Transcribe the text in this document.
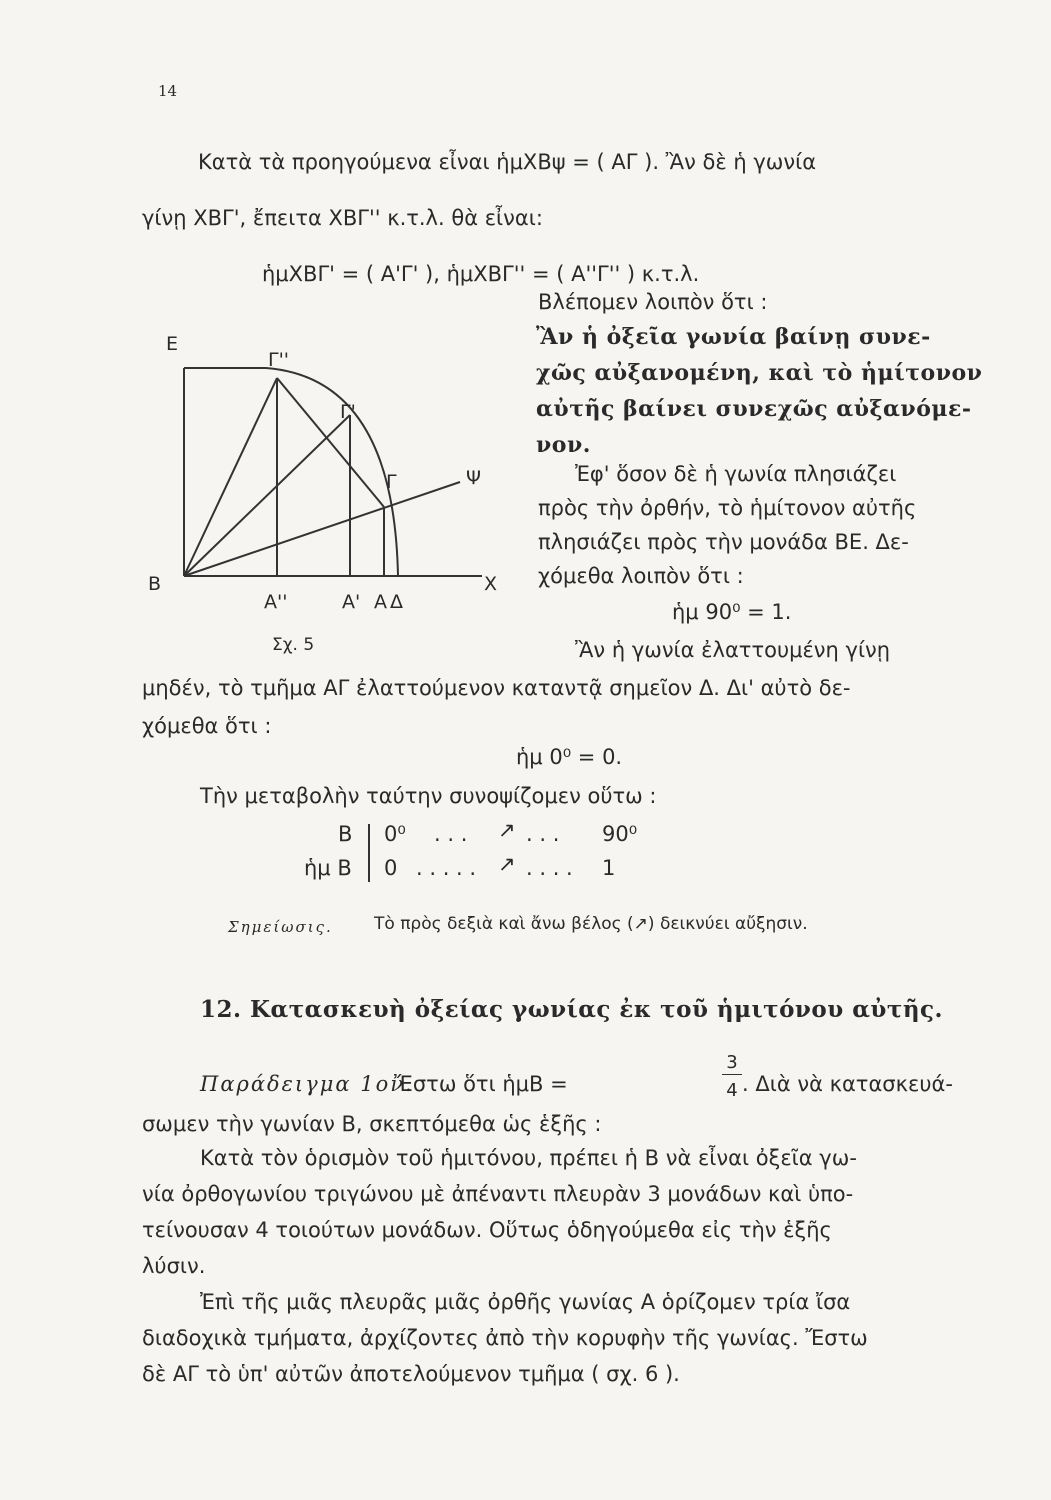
14
Κατὰ τὰ προηγούμενα εἶναι ἡμΧΒψ = ( ΑΓ ). Ἂν δὲ ἡ γωνία
γίνῃ ΧΒΓ', ἔπειτα ΧΒΓ'' κ.τ.λ. θὰ εἶναι:
ἡμΧΒΓ' = ( Α'Γ' ), ἡμΧΒΓ'' = ( Α''Γ'' ) κ.τ.λ.
Βλέπομεν λοιπὸν ὅτι :
Ἂν ἡ ὀξεῖα γωνία βαίνῃ συνε-
χῶς αὐξανομένη, καὶ τὸ ἡμίτονον
αὐτῆς βαίνει συνεχῶς αὐξανόμε-
νον.
Ἐφ' ὅσον δὲ ἡ γωνία πλησιάζει
πρὸς τὴν ὀρθήν, τὸ ἡμίτονον αὐτῆς
πλησιάζει πρὸς τὴν μονάδα ΒΕ. Δε-
χόμεθα λοιπὸν ὅτι :
ἡμ 90⁰ = 1.
Ἂν ἡ γωνία ἐλαττουμένη γίνῃ
Ε
Γ''
Γ'
Γ	Ψ
Β	Χ
Α''	Α' Α Δ
Σχ. 5
μηδέν, τὸ τμῆμα ΑΓ ἐλαττούμενον καταντᾷ σημεῖον Δ. Δι' αὐτὸ δε-
χόμεθα ὅτι :
ἡμ 0⁰ = 0.
Τὴν μεταβολὴν ταύτην συνοψίζομεν οὕτω :
Β 0⁰ . . . ↗ . . . 90⁰
ἡμ Β 0 . . . . . ↗ . . . . 1
Σημείωσις. Τὸ πρὸς δεξιὰ καὶ ἄνω βέλος (↗) δεικνύει αὔξησιν.
12. Κατασκευὴ ὀξείας γωνίας ἐκ τοῦ ἡμιτόνου αὐτῆς.
Παράδειγμα 1ον.
Ἔστω ὅτι ἡμΒ =
3
4 . Διὰ νὰ κατασκευά-
σωμεν τὴν γωνίαν Β, σκεπτόμεθα ὡς ἑξῆς :
Κατὰ τὸν ὁρισμὸν τοῦ ἡμιτόνου, πρέπει ἡ Β νὰ εἶναι ὀξεῖα γω-
νία ὀρθογωνίου τριγώνου μὲ ἀπέναντι πλευρὰν 3 μονάδων καὶ ὑπο-
τείνουσαν 4 τοιούτων μονάδων. Οὕτως ὁδηγούμεθα εἰς τὴν ἑξῆς
λύσιν.
Ἐπὶ τῆς μιᾶς πλευρᾶς μιᾶς ὀρθῆς γωνίας Α ὁρίζομεν τρία ἴσα
διαδοχικὰ τμήματα, ἀρχίζοντες ἀπὸ τὴν κορυφὴν τῆς γωνίας. Ἔστω
δὲ ΑΓ τὸ ὑπ' αὐτῶν ἀποτελούμενον τμῆμα ( σχ. 6 ).
